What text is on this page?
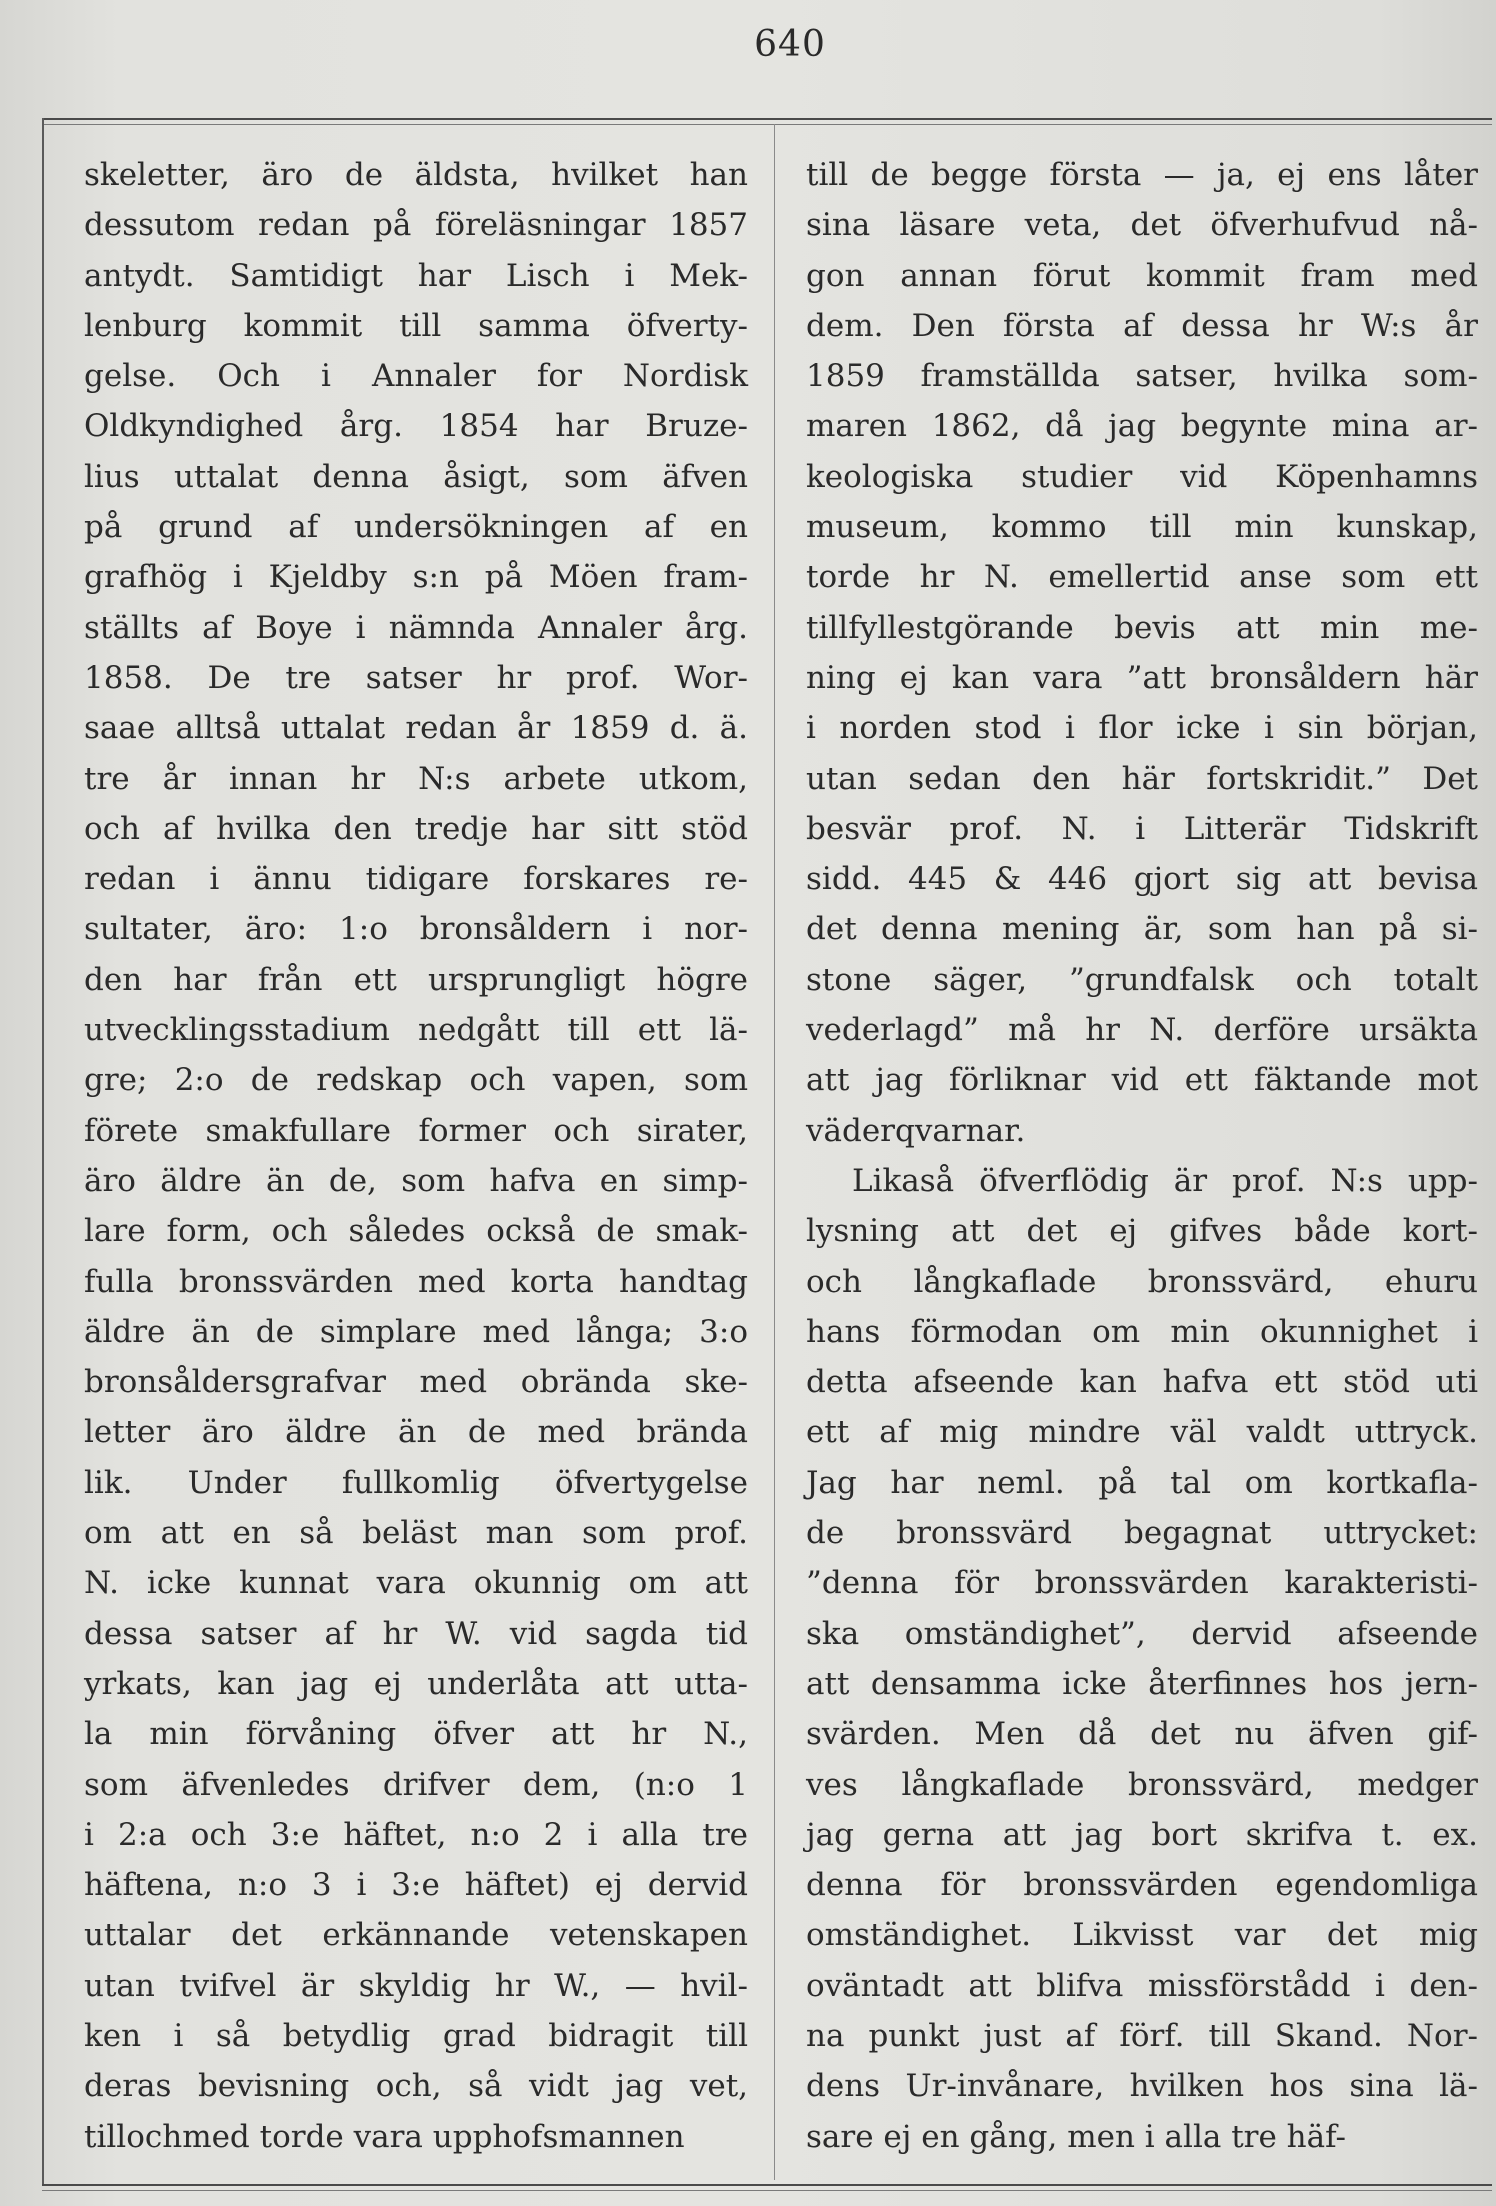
640
skeletter, äro de äldsta, hvilket han
dessutom redan på föreläsningar 1857
antydt. Samtidigt har Lisch i Mek-
lenburg kommit till samma öfverty-
gelse. Och i Annaler for Nordisk
Oldkyndighed årg. 1854 har Bruze-
lius uttalat denna åsigt, som äfven
på grund af undersökningen af en
grafhög i Kjeldby s:n på Möen fram-
ställts af Boye i nämnda Annaler årg.
1858. De tre satser hr prof. Wor-
saae alltså uttalat redan år 1859 d. ä.
tre år innan hr N:s arbete utkom,
och af hvilka den tredje har sitt stöd
redan i ännu tidigare forskares re-
sultater, äro: 1:o bronsåldern i nor-
den har från ett ursprungligt högre
utvecklingsstadium nedgått till ett lä-
gre; 2:o de redskap och vapen, som
förete smakfullare former och sirater,
äro äldre än de, som hafva en simp-
lare form, och således också de smak-
fulla bronssvärden med korta handtag
äldre än de simplare med långa; 3:o
bronsåldersgrafvar med obrända ske-
letter äro äldre än de med brända
lik. Under fullkomlig öfvertygelse
om att en så beläst man som prof.
N. icke kunnat vara okunnig om att
dessa satser af hr W. vid sagda tid
yrkats, kan jag ej underlåta att utta-
la min förvåning öfver att hr N.,
som äfvenledes drifver dem, (n:o 1
i 2:a och 3:e häftet, n:o 2 i alla tre
häftena, n:o 3 i 3:e häftet) ej dervid
uttalar det erkännande vetenskapen
utan tvifvel är skyldig hr W., — hvil-
ken i så betydlig grad bidragit till
deras bevisning och, så vidt jag vet,
tillochmed torde vara upphofsmannen
till de begge första — ja, ej ens låter
sina läsare veta, det öfverhufvud nå-
gon annan förut kommit fram med
dem. Den första af dessa hr W:s år
1859 framställda satser, hvilka som-
maren 1862, då jag begynte mina ar-
keologiska studier vid Köpenhamns
museum, kommo till min kunskap,
torde hr N. emellertid anse som ett
tillfyllestgörande bevis att min me-
ning ej kan vara ”att bronsåldern här
i norden stod i flor icke i sin början,
utan sedan den här fortskridit.” Det
besvär prof. N. i Litterär Tidskrift
sidd. 445 & 446 gjort sig att bevisa
det denna mening är, som han på si-
stone säger, ”grundfalsk och totalt
vederlagd” må hr N. derföre ursäkta
att jag förliknar vid ett fäktande mot
väderqvarnar.
Likaså öfverflödig är prof. N:s upp-
lysning att det ej gifves både kort-
och långkaflade bronssvärd, ehuru
hans förmodan om min okunnighet i
detta afseende kan hafva ett stöd uti
ett af mig mindre väl valdt uttryck.
Jag har neml. på tal om kortkafla-
de bronssvärd begagnat uttrycket:
”denna för bronssvärden karakteristi-
ska omständighet”, dervid afseende
att densamma icke återfinnes hos jern-
svärden. Men då det nu äfven gif-
ves långkaflade bronssvärd, medger
jag gerna att jag bort skrifva t. ex.
denna för bronssvärden egendomliga
omständighet. Likvisst var det mig
oväntadt att blifva missförstådd i den-
na punkt just af förf. till Skand. Nor-
dens Ur-invånare, hvilken hos sina lä-
sare ej en gång, men i alla tre häf-
